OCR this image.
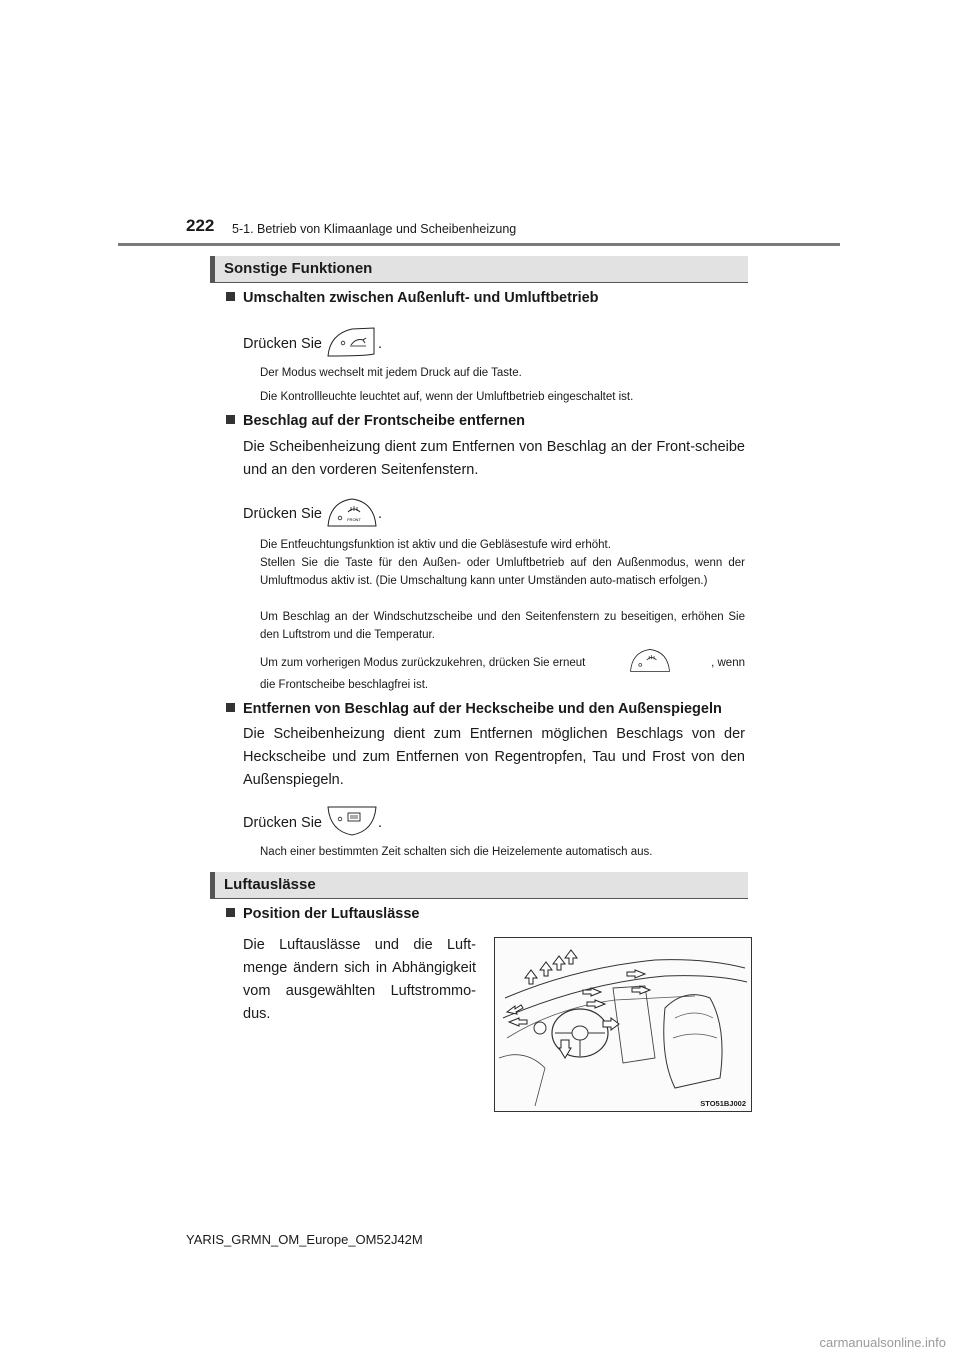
222 5-1. Betrieb von Klimaanlage und Scheibenheizung
Sonstige Funktionen
Umschalten zwischen Außenluft- und Umluftbetrieb
Drücken Sie	.
Der Modus wechselt mit jedem Druck auf die Taste.
Die Kontrollleuchte leuchtet auf, wenn der Umluftbetrieb eingeschaltet ist.
Beschlag auf der Frontscheibe entfernen
Die Scheibenheizung dient zum Entfernen von Beschlag an der Front-scheibe und an den vorderen Seitenfenstern.
Drücken Sie	FRONT .
Die Entfeuchtungsfunktion ist aktiv und die Gebläsestufe wird erhöht.
Stellen Sie die Taste für den Außen- oder Umluftbetrieb auf den Außenmodus, wenn der Umluftmodus aktiv ist. (Die Umschaltung kann unter Umständen auto-matisch erfolgen.)
Um Beschlag an der Windschutzscheibe und den Seitenfenstern zu beseitigen, erhöhen Sie den Luftstrom und die Temperatur.
Um zum vorherigen Modus zurückzukehren, drücken Sie erneut	, wenn
die Frontscheibe beschlagfrei ist.
Entfernen von Beschlag auf der Heckscheibe und den Außenspiegeln
Die Scheibenheizung dient zum Entfernen möglichen Beschlags von der Heckscheibe und zum Entfernen von Regentropfen, Tau und Frost von den Außenspiegeln.
Drücken Sie	.
Nach einer bestimmten Zeit schalten sich die Heizelemente automatisch aus.
Luftauslässe
Position der Luftauslässe
Die Luftauslässe und die Luft-menge ändern sich in Abhängigkeit vom ausgewählten Luftstrommo-dus.
STO51BJ002
YARIS_GRMN_OM_Europe_OM52J42M
carmanualsonline.info
